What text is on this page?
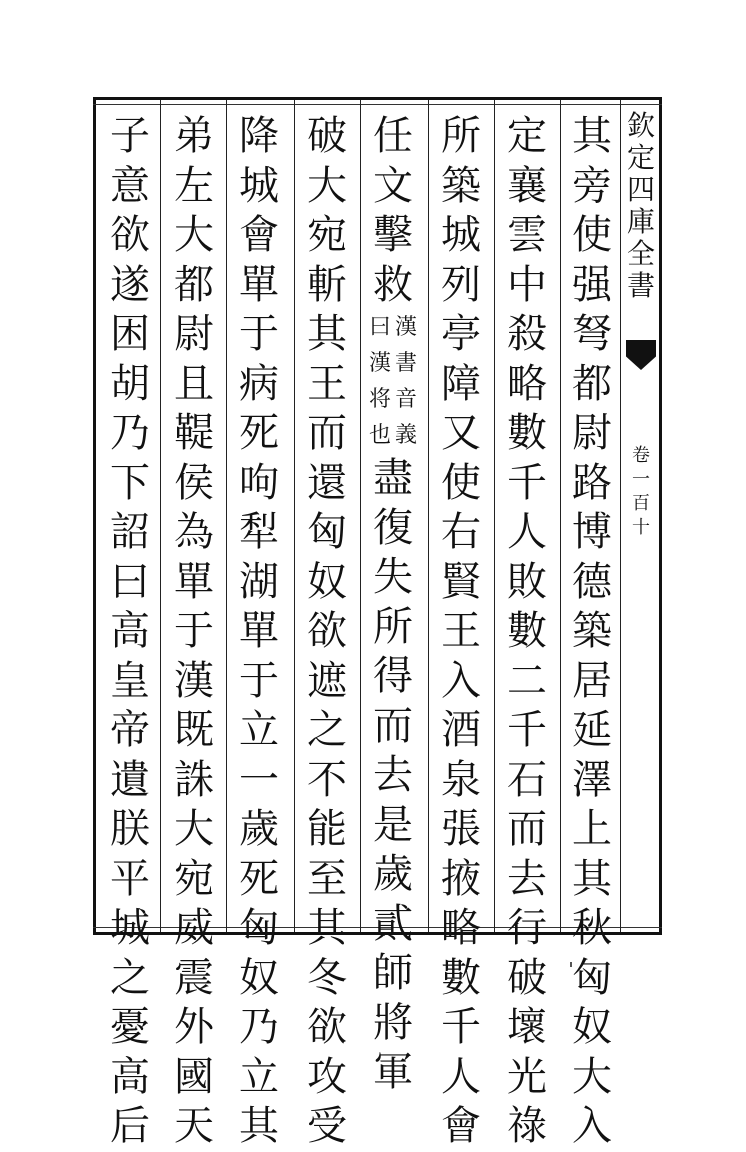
欽
定
四
庫
全
書
卷
一
百
十
其
旁
使
强
弩
都
尉
路
博
德
築
居
延
澤
上
其
秋
匈
奴
大
入
定
襄
雲
中
殺
略
數
千
人
敗
數
二
千
石
而
去
行
破
壞
光
祿
所
築
城
列
亭
障
又
使
右
賢
王
入
酒
泉
張
掖
略
數
千
人
會
任
文
擊
救
漢
書
音
義
曰
漢
将
也
盡
復
失
所
得
而
去
是
歲
貳
師
將
軍
破
大
宛
斬
其
王
而
還
匈
奴
欲
遮
之
不
能
至
其
冬
欲
攻
受
降
城
會
單
于
病
死
呴
犁
湖
單
于
立
一
歲
死
匈
奴
乃
立
其
弟
左
大
都
尉
且
鞮
侯
為
單
于
漢
既
誅
大
宛
威
震
外
國
天
子
意
欲
遂
困
胡
乃
下
詔
曰
高
皇
帝
遺
朕
平
城
之
憂
高
后
